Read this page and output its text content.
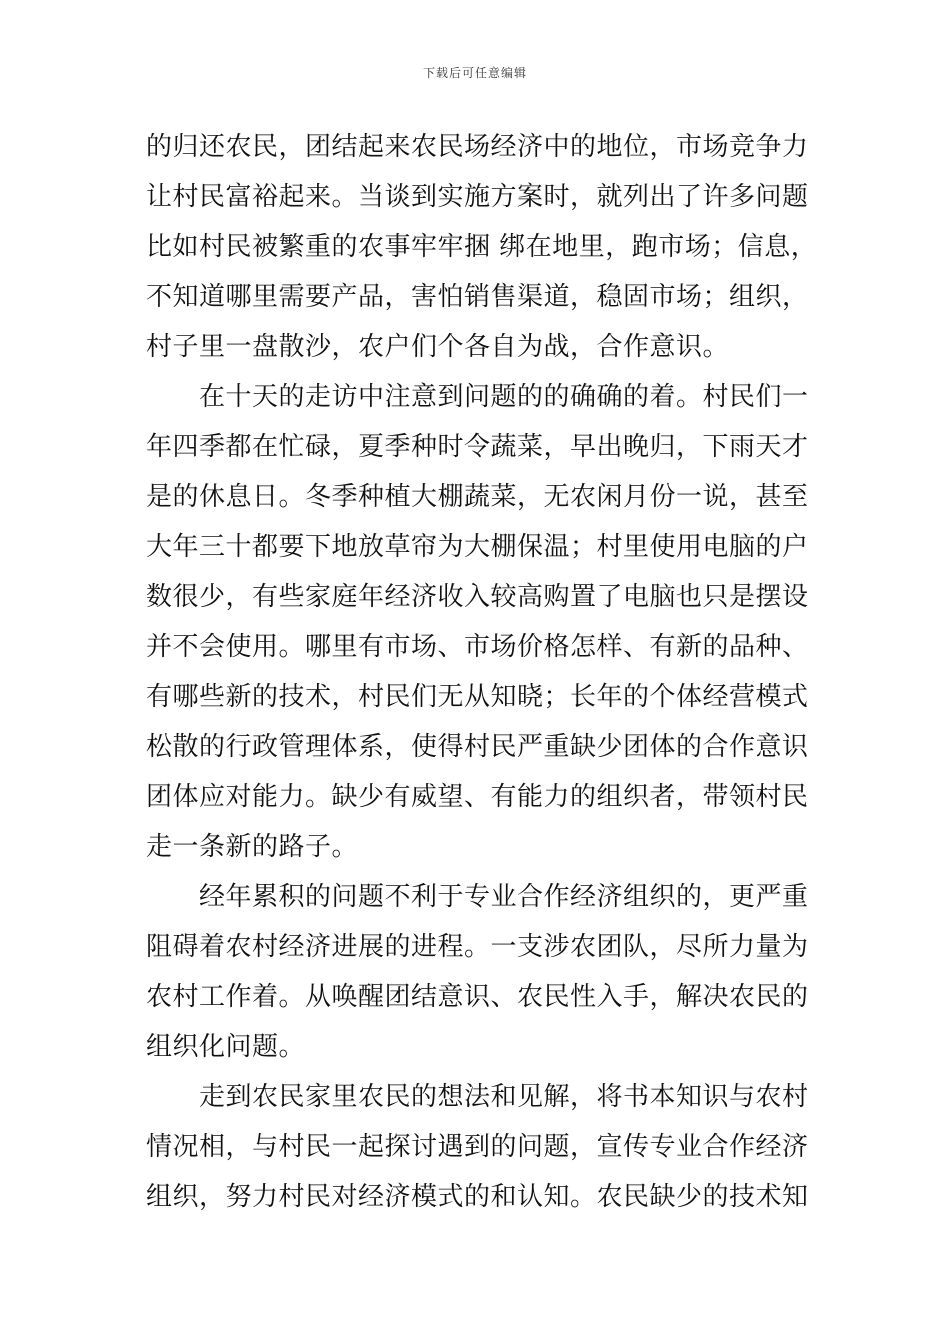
下载后可任意编辑
的归还农民，团结起来农民场经济中的地位，市场竞争力
让村民富裕起来。当谈到实施方案时，就列出了许多问题
比如村民被繁重的农事牢牢捆 绑在地里，跑市场；信息，
不知道哪里需要产品，害怕销售渠道，稳固市场；组织，
村子里一盘散沙，农户们个各自为战，合作意识。
在十天的走访中注意到问题的的确确的着。村民们一
年四季都在忙碌，夏季种时令蔬菜，早出晚归，下雨天才
是的休息日。冬季种植大棚蔬菜，无农闲月份一说，甚至
大年三十都要下地放草帘为大棚保温；村里使用电脑的户
数很少，有些家庭年经济收入较高购置了电脑也只是摆设
并不会使用。哪里有市场、市场价格怎样、有新的品种、
有哪些新的技术，村民们无从知晓；长年的个体经营模式
松散的行政管理体系，使得村民严重缺少团体的合作意识
团体应对能力。缺少有威望、有能力的组织者，带领村民
走一条新的路子。
经年累积的问题不利于专业合作经济组织的，更严重
阻碍着农村经济进展的进程。一支涉农团队，尽所力量为
农村工作着。从唤醒团结意识、农民性入手，解决农民的
组织化问题。
走到农民家里农民的想法和见解，将书本知识与农村
情况相，与村民一起探讨遇到的问题，宣传专业合作经济
组织，努力村民对经济模式的和认知。农民缺少的技术知
